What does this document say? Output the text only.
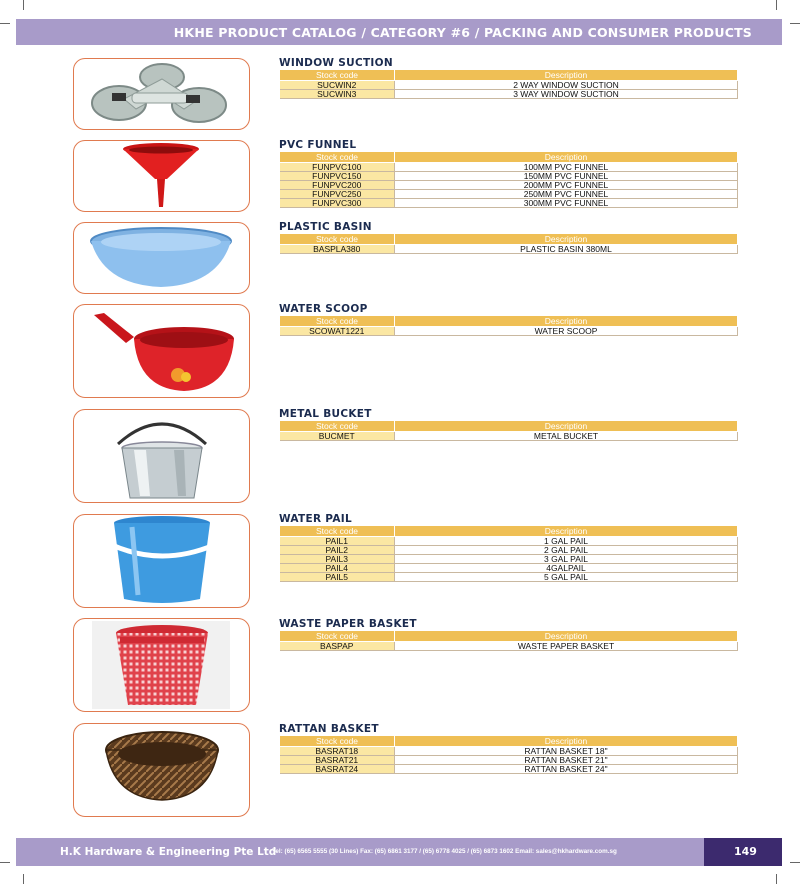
HKHE PRODUCT CATALOG / CATEGORY #6 / PACKING AND CONSUMER PRODUCTS
WINDOW SUCTION
Stock code	Description
SUCWIN2	2 WAY WINDOW SUCTION
SUCWIN3	3 WAY WINDOW SUCTION
PVC FUNNEL
Stock code	Description
FUNPVC100	100MM PVC FUNNEL
FUNPVC150	150MM PVC FUNNEL
FUNPVC200	200MM PVC FUNNEL
FUNPVC250	250MM PVC FUNNEL
FUNPVC300	300MM PVC FUNNEL
PLASTIC BASIN
Stock code	Description
BASPLA380	PLASTIC BASIN 380ML
WATER SCOOP
Stock code	Description
SCOWAT1221	WATER SCOOP
METAL BUCKET
Stock code	Description
BUCMET	METAL BUCKET
WATER PAIL
Stock code	Description
PAIL1	1 GAL PAIL
PAIL2	2 GAL PAIL
PAIL3	3 GAL PAIL
PAIL4	4GALPAIL
PAIL5	5 GAL PAIL
WASTE PAPER BASKET
Stock code	Description
BASPAP	WASTE PAPER BASKET
RATTAN BASKET
Stock code	Description
BASRAT18	RATTAN BASKET 18"
BASRAT21	RATTAN BASKET 21"
BASRAT24	RATTAN BASKET 24"
H.K Hardware & Engineering Pte Ltd
Tel: (65) 6565 5555 (30 Lines) Fax: (65) 6861 3177 / (65) 6778 4025 / (65) 6873 1602 Email: sales@hkhardware.com.sg	149
